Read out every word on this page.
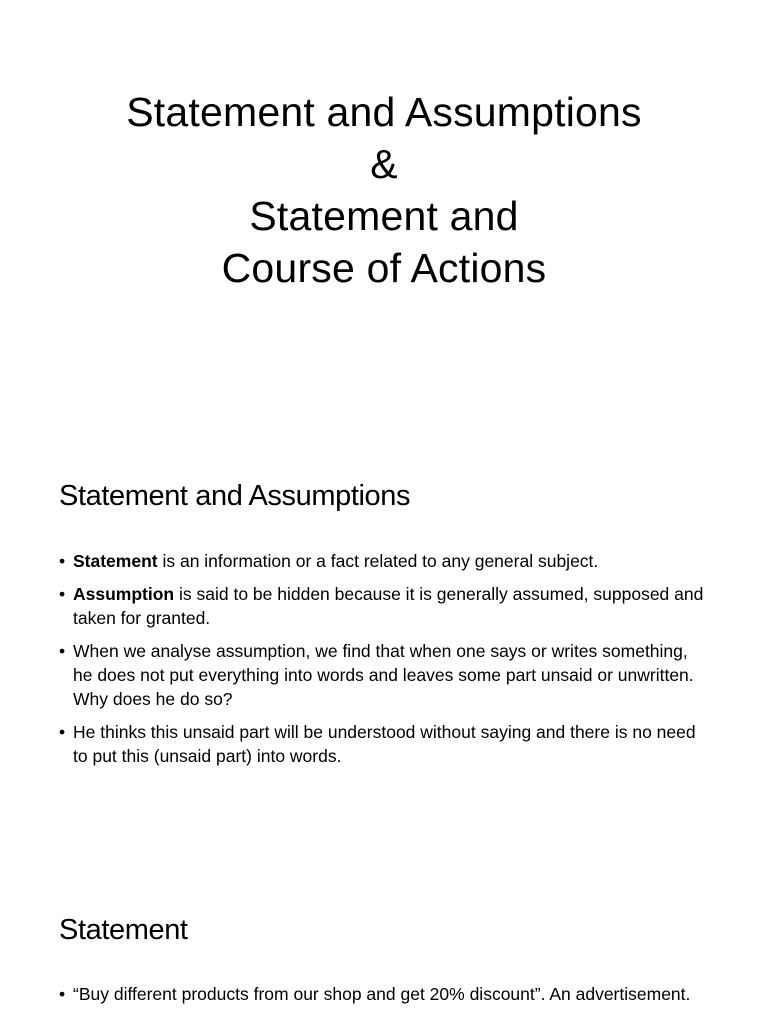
Statement and Assumptions
&
Statement and
Course of Actions
Statement and Assumptions
• Statement is an information or a fact related to any general subject.
• Assumption is said to be hidden because it is generally assumed, supposed and taken for granted.
• When we analyse assumption, we find that when one says or writes something, he does not put everything into words and leaves some part unsaid or unwritten. Why does he do so?
• He thinks this unsaid part will be understood without saying and there is no need to put this (unsaid part) into words.
Statement
• “Buy different products from our shop and get 20% discount”. An advertisement.
